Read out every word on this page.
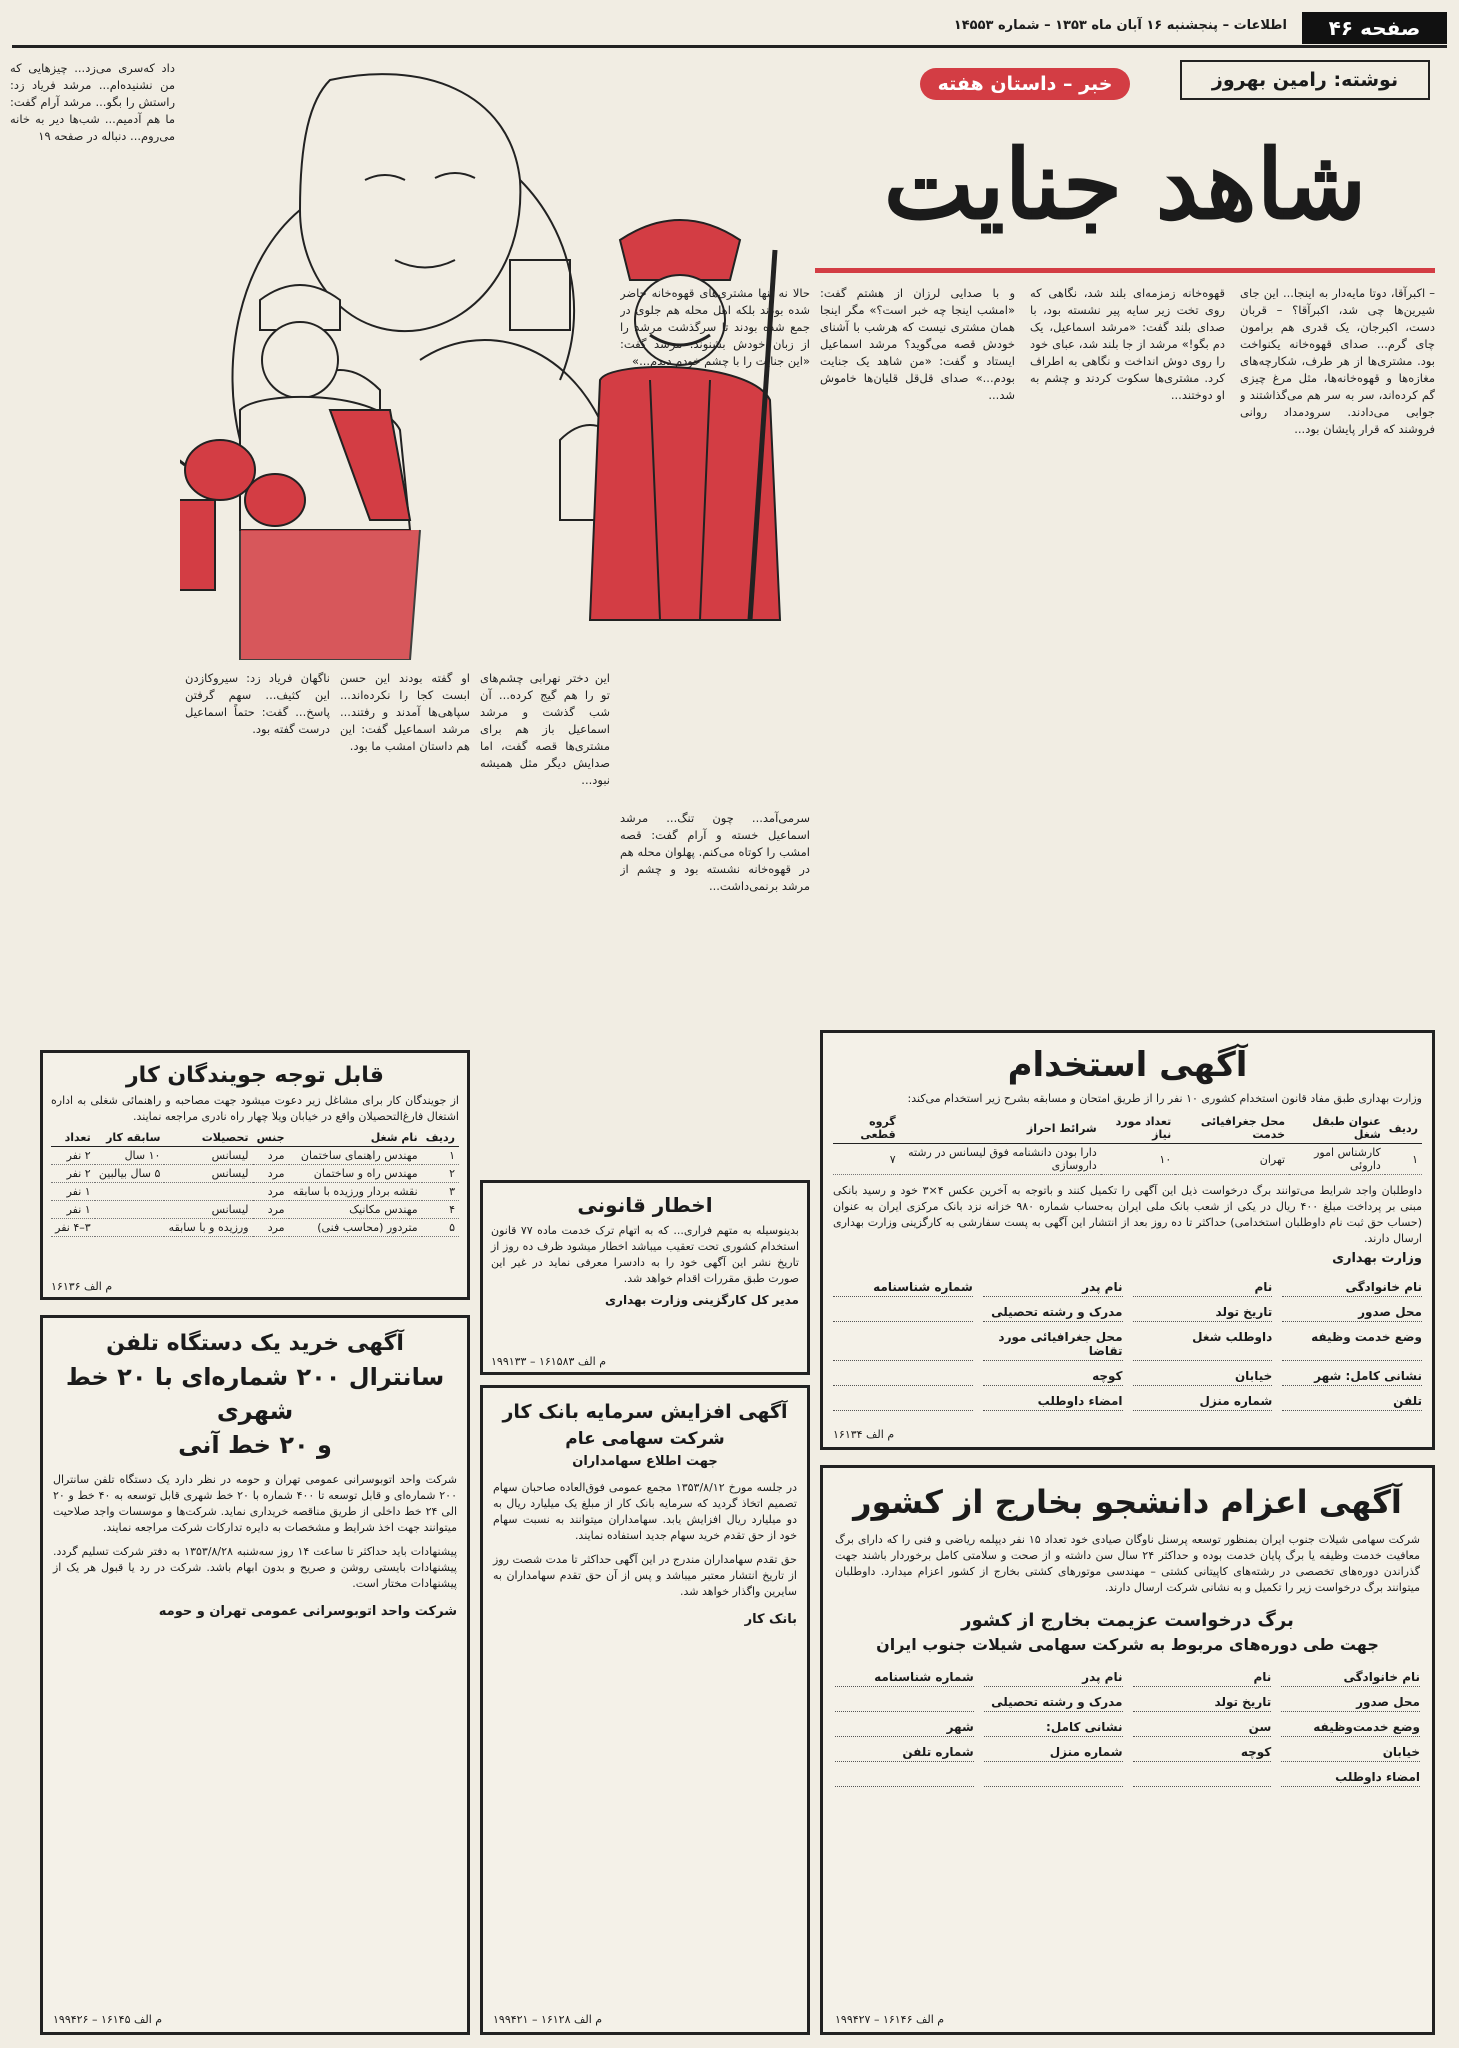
صفحه ۴۶
اطلاعات – پنجشنبه ۱۶ آبان ماه ۱۳۵۳ – شماره ۱۴۵۵۳
نوشته: رامین بهروز
خبر – داستان هفته
شاهد جنایت
– اکبرآقا، دوتا مایه‌دار به اینجا... این جای شیرین‌ها چی شد، اکبرآقا؟ – قربان دست، اکبرجان، یک قدری هم برامون چای گرم... صدای قهوه‌خانه یکنواخت بود. مشتری‌ها از هر طرف، شکارچه‌های مغازه‌ها و قهوه‌خانه‌ها، مثل مرغ چیزی گم کرده‌اند، سر به سر هم می‌گذاشتند و جوابی می‌دادند. سرودمداد روانی فروشند که قرار پایشان بود...
قهوه‌خانه زمزمه‌ای بلند شد، نگاهی که روی تخت زیر سایه پیر نشسته بود، با صدای بلند گفت: «مرشد اسماعیل، یک دم بگو!» مرشد از جا بلند شد، عبای خود را روی دوش انداخت و نگاهی به اطراف کرد. مشتری‌ها سکوت کردند و چشم به او دوختند...
و با صدایی لرزان از هشتم گفت: «امشب اینجا چه خبر است؟» مگر اینجا همان مشتری نیست که هرشب با آشنای خودش قصه می‌گوید؟ مرشد اسماعیل ایستاد و گفت: «من شاهد یک جنایت بودم...» صدای قل‌قل قلیان‌ها خاموش شد...
حالا نه تنها مشتری‌های قهوه‌خانه حاضر شده بودند بلکه اهل محله هم جلوی در جمع شده بودند تا سرگذشت مرشد را از زبان خودش بشنوند. مرشد گفت: «این جنایت را با چشم خودم دیدم...»
داد که‌سری می‌زد... چیزهایی که من نشنیده‌ام... مرشد فریاد زد: راستش را بگو... مرشد آرام گفت: ما هم آدمیم... شب‌ها دیر به خانه می‌روم... دنباله در صفحه ۱۹
سرمی‌آمد... چون تنگ... مرشد اسماعیل خسته و آرام گفت: قصه امشب را کوتاه می‌کنم. پهلوان محله هم در قهوه‌خانه نشسته بود و چشم از مرشد برنمی‌داشت...
این دختر نهرابی چشم‌های تو را هم گیج کرده... آن شب گذشت و مرشد اسماعیل باز هم برای مشتری‌ها قصه گفت، اما صدایش دیگر مثل همیشه نبود...
او گفته بودند این حسن ابست کجا را نکرده‌اند... سپاهی‌ها آمدند و رفتند... مرشد اسماعیل گفت: این هم داستان امشب ما بود.
ناگهان فریاد زد: سیروکازدن این کثیف... سهم گرفتن پاسخ... گفت: حتماً اسماعیل درست گفته بود.
آگهی استخدام
وزارت بهداری طبق مفاد قانون استخدام کشوری ۱۰ نفر را از طریق امتحان و مسابقه بشرح زیر استخدام می‌کند:
ردیف	عنوان طبقل شغل	محل جغرافیائی خدمت	تعداد مورد نیاز	شرائط احراز	گروه قطعی
۱	کارشناس امور داروئی	تهران	۱۰	دارا بودن دانشنامه فوق لیسانس در رشته داروسازی	۷
داوطلبان واجد شرایط می‌توانند برگ درخواست ذیل این آگهی را تکمیل کنند و باتوجه به آخرین عکس ۴×۳ خود و رسید بانکی مبنی بر پرداخت مبلغ ۴۰۰ ریال در یکی از شعب بانک ملی ایران به‌حساب شماره ۹۸۰ خزانه نزد بانک مرکزی ایران به عنوان (حساب حق ثبت نام داوطلبان استخدامی) حداکثر تا ده روز بعد از انتشار این آگهی به پست سفارشی به کارگزینی وزارت بهداری ارسال دارند.
وزارت بهداری
نام خانوادگی
نام
نام پدر
شماره شناسنامه
محل صدور
تاریخ تولد
مدرک و رشته تحصیلی
وضع خدمت وظیفه
داوطلب شغل
محل جغرافیائی مورد تقاضا
نشانی کامل: شهر
خیابان
کوچه
تلفن
شماره منزل
امضاء داوطلب
م الف ۱۶۱۳۴
آگهی اعزام دانشجو بخارج از کشور
شرکت سهامی شیلات جنوب ایران بمنظور توسعه پرسنل ناوگان صیادی خود تعداد ۱۵ نفر دیپلمه ریاضی و فنی را که دارای برگ معافیت خدمت وظیفه یا برگ پایان خدمت بوده و حداکثر ۲۴ سال سن داشته و از صحت و سلامتی کامل برخوردار باشند جهت گذراندن دوره‌های تخصصی در رشته‌های کاپیتانی کشتی – مهندسی موتورهای کشتی بخارج از کشور اعزام میدارد. داوطلبان میتوانند برگ درخواست زیر را تکمیل و به نشانی شرکت ارسال دارند.
برگ درخواست عزیمت بخارج از کشور
جهت طی دوره‌های مربوط به شرکت سهامی شیلات جنوب ایران
نام خانوادگی
نام
نام پدر
شماره شناسنامه
محل صدور
تاریخ تولد
مدرک و رشته تحصیلی
وضع خدمت‌وظیفه
سن
نشانی کامل:
شهر
خیابان
کوچه
شماره منزل
شماره تلفن
امضاء داوطلب
م الف ۱۶۱۴۶ – ۱۹۹۴۲۷
قابل توجه جویندگان کار
از جویندگان کار برای مشاغل زیر دعوت میشود جهت مصاحبه و راهنمائی شغلی به اداره اشتغال فارغ‌التحصیلان واقع در خیابان ویلا چهار راه نادری مراجعه نمایند.
ردیف	نام شغل	جنس	تحصیلات	سابقه کار	تعداد
۱	مهندس راهنمای ساختمان	مرد	لیسانس	۱۰ سال	۲ نفر
۲	مهندس راه و ساختمان	مرد	لیسانس	۵ سال بیالبین	۲ نفر
۳	نقشه بردار ورزیده با سابقه	مرد			۱ نفر
۴	مهندس مکانیک	مرد	لیسانس		۱ نفر
۵	متردور (محاسب فنی)	مرد	ورزیده و با سابقه		۳–۴ نفر
م الف ۱۶۱۳۶
آگهی خرید یک دستگاه تلفن
سانترال ۲۰۰ شماره‌ای با ۲۰ خط شهری
و ۲۰ خط آنی
شرکت واحد اتوبوسرانی عمومی تهران و حومه در نظر دارد یک دستگاه تلفن سانترال ۲۰۰ شماره‌ای و قابل توسعه تا ۴۰۰ شماره با ۲۰ خط شهری قابل توسعه به ۴۰ خط و ۲۰ الی ۲۴ خط داخلی از طریق مناقصه خریداری نماید. شرکت‌ها و موسسات واجد صلاحیت میتوانند جهت اخذ شرایط و مشخصات به دایره تدارکات شرکت مراجعه نمایند.
پیشنهادات باید حداکثر تا ساعت ۱۴ روز سه‌شنبه ۱۳۵۳/۸/۲۸ به دفتر شرکت تسلیم گردد. پیشنهادات بایستی روشن و صریح و بدون ابهام باشد. شرکت در رد یا قبول هر یک از پیشنهادات مختار است.
شرکت واحد اتوبوسرانی عمومی تهران و حومه
م الف ۱۶۱۴۵ – ۱۹۹۴۲۶
اخطار قانونی
بدینوسیله به متهم فراری... که به اتهام ترک خدمت ماده ۷۷ قانون استخدام کشوری تحت تعقیب میباشد اخطار میشود ظرف ده روز از تاریخ نشر این آگهی خود را به دادسرا معرفی نماید در غیر این صورت طبق مقررات اقدام خواهد شد.
مدیر کل کارگزینی وزارت بهداری
م الف ۱۶۱۵۸۳ – ۱۹۹۱۳۳
آگهی افزایش سرمایه بانک کار
شرکت سهامی عام
جهت اطلاع سهامداران
در جلسه مورخ ۱۳۵۳/۸/۱۲ مجمع عمومی فوق‌العاده صاحبان سهام تصمیم اتخاذ گردید که سرمایه بانک کار از مبلغ یک میلیارد ریال به دو میلیارد ریال افزایش یابد. سهامداران میتوانند به نسبت سهام خود از حق تقدم خرید سهام جدید استفاده نمایند.
حق تقدم سهامداران مندرج در این آگهی حداکثر تا مدت شصت روز از تاریخ انتشار معتبر میباشد و پس از آن حق تقدم سهامداران به سایرین واگذار خواهد شد.
بانک کار
م الف ۱۶۱۲۸ – ۱۹۹۴۲۱
